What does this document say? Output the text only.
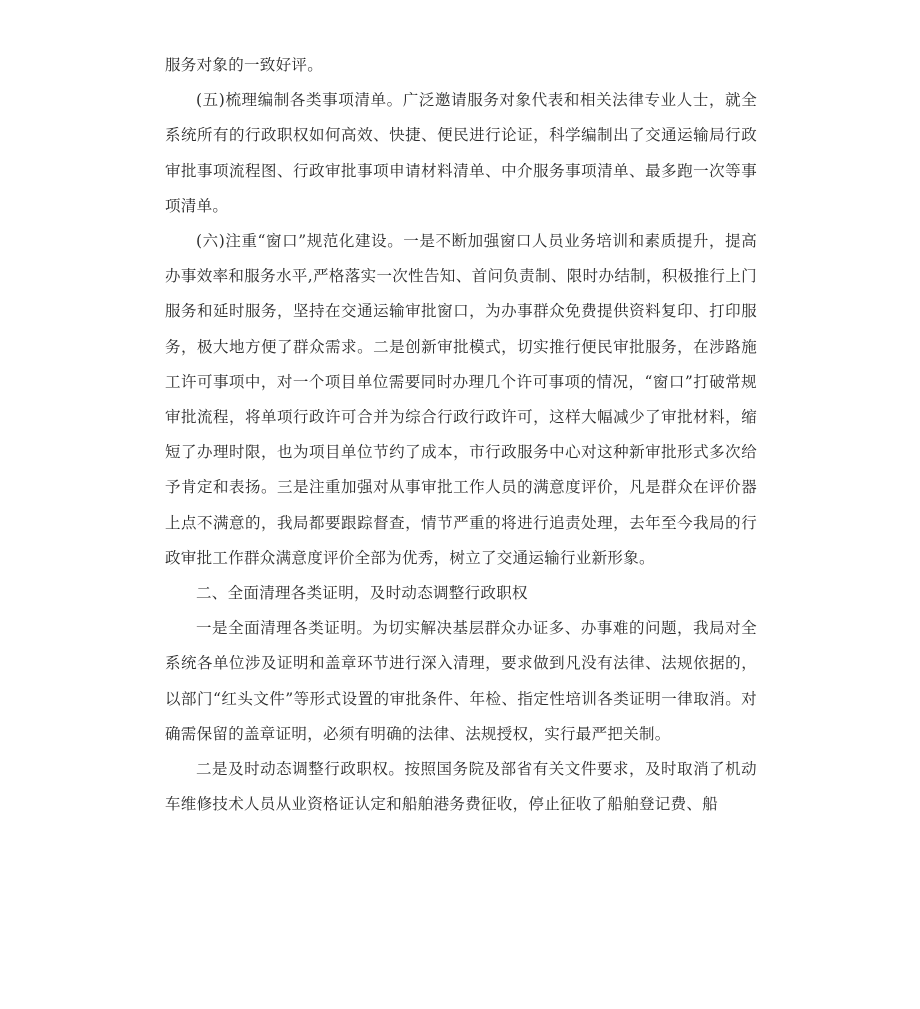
服务对象的一致好评。

(五)梳理编制各类事项清单。广泛邀请服务对象代表和相关法律专业人士，就全系统所有的行政职权如何高效、快捷、便民进行论证，科学编制出了交通运输局行政审批事项流程图、行政审批事项申请材料清单、中介服务事项清单、最多跑一次等事项清单。

(六)注重“窗口”规范化建设。一是不断加强窗口人员业务培训和素质提升，提高办事效率和服务水平,严格落实一次性告知、首问负责制、限时办结制，积极推行上门服务和延时服务，坚持在交通运输审批窗口，为办事群众免费提供资料复印、打印服务，极大地方便了群众需求。二是创新审批模式，切实推行便民审批服务，在涉路施工许可事项中，对一个项目单位需要同时办理几个许可事项的情况，“窗口”打破常规审批流程，将单项行政许可合并为综合行政行政许可，这样大幅减少了审批材料，缩短了办理时限，也为项目单位节约了成本，市行政服务中心对这种新审批形式多次给予肯定和表扬。三是注重加强对从事审批工作人员的满意度评价，凡是群众在评价器上点不满意的，我局都要跟踪督查，情节严重的将进行追责处理，去年至今我局的行政审批工作群众满意度评价全部为优秀，树立了交通运输行业新形象。

二、全面清理各类证明，及时动态调整行政职权

一是全面清理各类证明。为切实解决基层群众办证多、办事难的问题，我局对全系统各单位涉及证明和盖章环节进行深入清理，要求做到凡没有法律、法规依据的，以部门“红头文件”等形式设置的审批条件、年检、指定性培训各类证明一律取消。对确需保留的盖章证明，必须有明确的法律、法规授权，实行最严把关制。

二是及时动态调整行政职权。按照国务院及部省有关文件要求，及时取消了机动车维修技术人员从业资格证认定和船舶港务费征收，停止征收了船舶登记费、船
